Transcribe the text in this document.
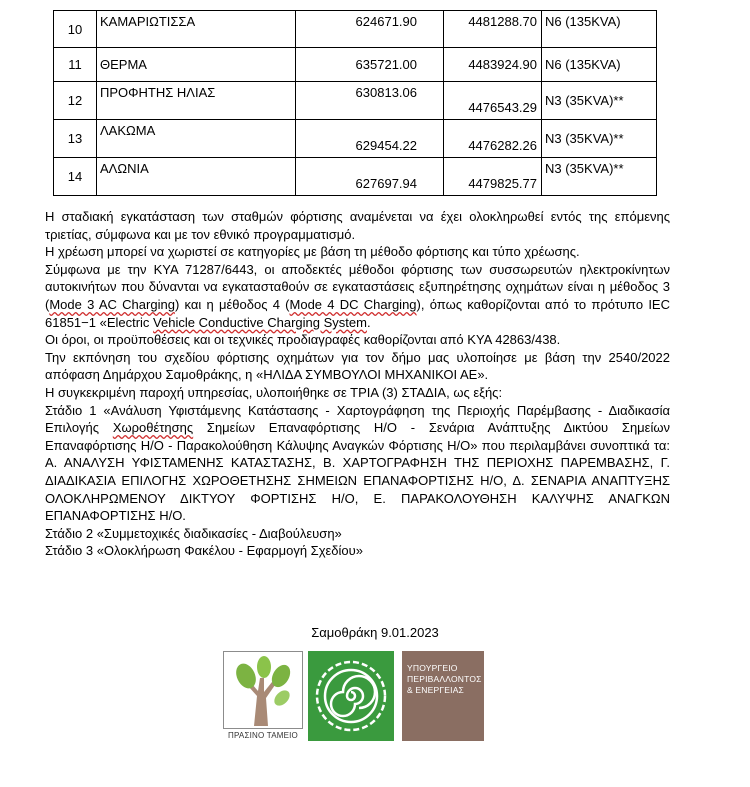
10	ΚΑΜΑΡΙΩΤΙΣΣΑ	624671.90	4481288.70	Ν6 (135KVA)
11	ΘΕΡΜΑ	635721.00	4483924.90	Ν6 (135KVA)
12	ΠΡΟΦΗΤΗΣ ΗΛΙΑΣ	630813.06	4476543.29	Ν3 (35KVA)**
13	ΛΑΚΩΜΑ	629454.22	4476282.26	Ν3 (35KVA)**
14	ΑΛΩΝΙΑ	627697.94	4479825.77	Ν3 (35KVA)**

Η σταδιακή εγκατάσταση των σταθμών φόρτισης αναμένεται να έχει ολοκληρωθεί εντός της επόμενης τριετίας, σύμφωνα και με τον εθνικό προγραμματισμό.

Η χρέωση μπορεί να χωριστεί σε κατηγορίες με βάση τη μέθοδο φόρτισης και τύπο χρέωσης.

Σύμφωνα με την ΚΥΑ 71287/6443, οι αποδεκτές μέθοδοι φόρτισης των συσσωρευτών ηλεκτροκίνητων αυτοκινήτων που δύνανται να εγκατασταθούν σε εγκαταστάσεις εξυπηρέτησης οχημάτων είναι η μέθοδος 3 (Mode 3 AC Charging) και η μέθοδος 4 (Mode 4 DC Charging), όπως καθορίζονται από το πρότυπο IEC 61851−1 «Electric Vehicle Conductive Charging System.

Οι όροι, οι προϋποθέσεις και οι τεχνικές προδιαγραφές καθορίζονται από ΚΥΑ 42863/438.

Την εκπόνηση του σχεδίου φόρτισης οχημάτων για τον δήμο μας υλοποίησε με βάση την 2540/2022 απόφαση Δημάρχου Σαμοθράκης, η «ΗΛΙΔΑ ΣΥΜΒΟΥΛΟΙ ΜΗΧΑΝΙΚΟΙ ΑΕ».

Η συγκεκριμένη παροχή υπηρεσίας, υλοποιήθηκε σε ΤΡΙΑ (3) ΣΤΑΔΙΑ, ως εξής:

Στάδιο 1 «Ανάλυση Υφιστάμενης Κατάστασης - Χαρτογράφηση της Περιοχής Παρέμβασης - Διαδικασία Επιλογής Χωροθέτησης Σημείων Επαναφόρτισης Η/Ο - Σενάρια Ανάπτυξης Δικτύου Σημείων Επαναφόρτισης Η/Ο - Παρακολούθηση Κάλυψης Αναγκών Φόρτισης Η/Ο» που περιλαμβάνει συνοπτικά τα: Α. ΑΝΑΛΥΣΗ ΥΦΙΣΤΑΜΕΝΗΣ ΚΑΤΑΣΤΑΣΗΣ, Β. ΧΑΡΤΟΓΡΑΦΗΣΗ ΤΗΣ ΠΕΡΙΟΧΗΣ ΠΑΡΕΜΒΑΣΗΣ, Γ. ΔΙΑΔΙΚΑΣΙΑ ΕΠΙΛΟΓΗΣ ΧΩΡΟΘΕΤΗΣΗΣ ΣΗΜΕΙΩΝ ΕΠΑΝΑΦΟΡΤΙΣΗΣ Η/Ο, Δ. ΣΕΝΑΡΙΑ ΑΝΑΠΤΥΞΗΣ ΟΛΟΚΛΗΡΩΜΕΝΟΥ ΔΙΚΤΥΟΥ ΦΟΡΤΙΣΗΣ Η/Ο, Ε. ΠΑΡΑΚΟΛΟΥΘΗΣΗ ΚΑΛΥΨΗΣ ΑΝΑΓΚΩΝ ΕΠΑΝΑΦΟΡΤΙΣΗΣ Η/Ο.

Στάδιο 2 «Συμμετοχικές διαδικασίες - Διαβούλευση»

Στάδιο 3 «Ολοκλήρωση Φακέλου - Εφαρμογή Σχεδίου»

Σαμοθράκη 9.01.2023
ΠΡΑΣΙΝΟ ΤΑΜΕΙΟ
ΥΠΟΥΡΓΕΙΟ
ΠΕΡΙΒΑΛΛΟΝΤΟΣ
& ΕΝΕΡΓΕΙΑΣ
